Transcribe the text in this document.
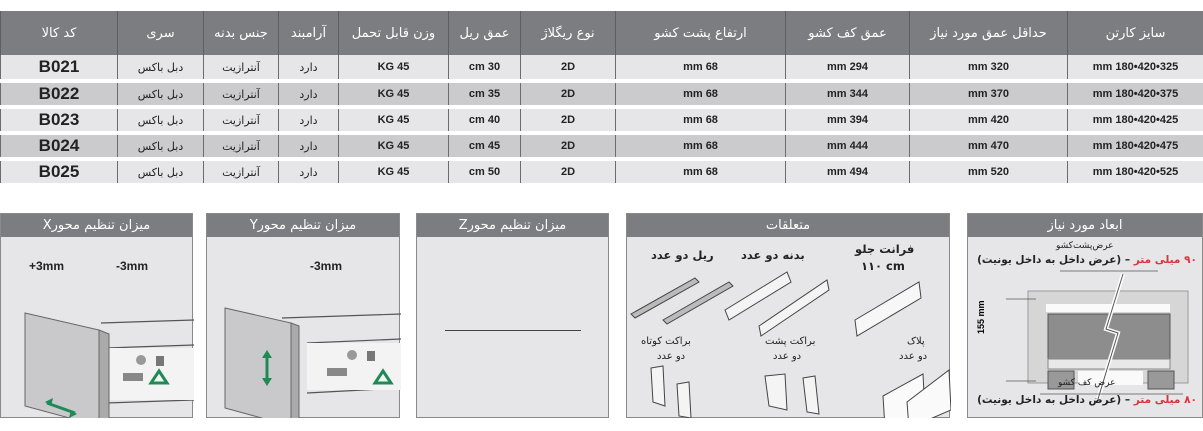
سایز کارتن	حداقل عمق مورد نیاز	عمق کف کشو	ارتفاع پشت کشو	نوع ریگلاژ	عمق ریل	وزن قابل تحمل	آرامبند	جنس بدنه	سری	کد کالا
325•420•180 mm	320 mm	294 mm	68 mm	2D	30 cm	45 KG	دارد	آنترازیت	دبل باکس	B021
375•420•180 mm	370 mm	344 mm	68 mm	2D	35 cm	45 KG	دارد	آنترازیت	دبل باکس	B022
425•420•180 mm	420 mm	394 mm	68 mm	2D	40 cm	45 KG	دارد	آنترازیت	دبل باکس	B023
475•420•180 mm	470 mm	444 mm	68 mm	2D	45 cm	45 KG	دارد	آنترازیت	دبل باکس	B024
525•420•180 mm	520 mm	494 mm	68 mm	2D	50 cm	45 KG	دارد	آنترازیت	دبل باکس	B025
میزان تنظیم محورX
+3mm	-3mm
میزان تنظیم محورY
-3mm
میزان تنظیم محورZ	متعلقات
ریل دو عدد بدنه دو عدد	فرانت جلو
۱۱۰ cm
براکت کوتاه
دو عدد
براکت پشت
دو عدد
پلاک
دو عدد
ابعاد مورد نیاز
عرض‌پشت‌کشو
۹۰ میلی متر – (عرض داخل به داخل یونیت)
155 mm
عرض کف کشو
۸۰ میلی متر – (عرض داخل به داخل یونیت)
